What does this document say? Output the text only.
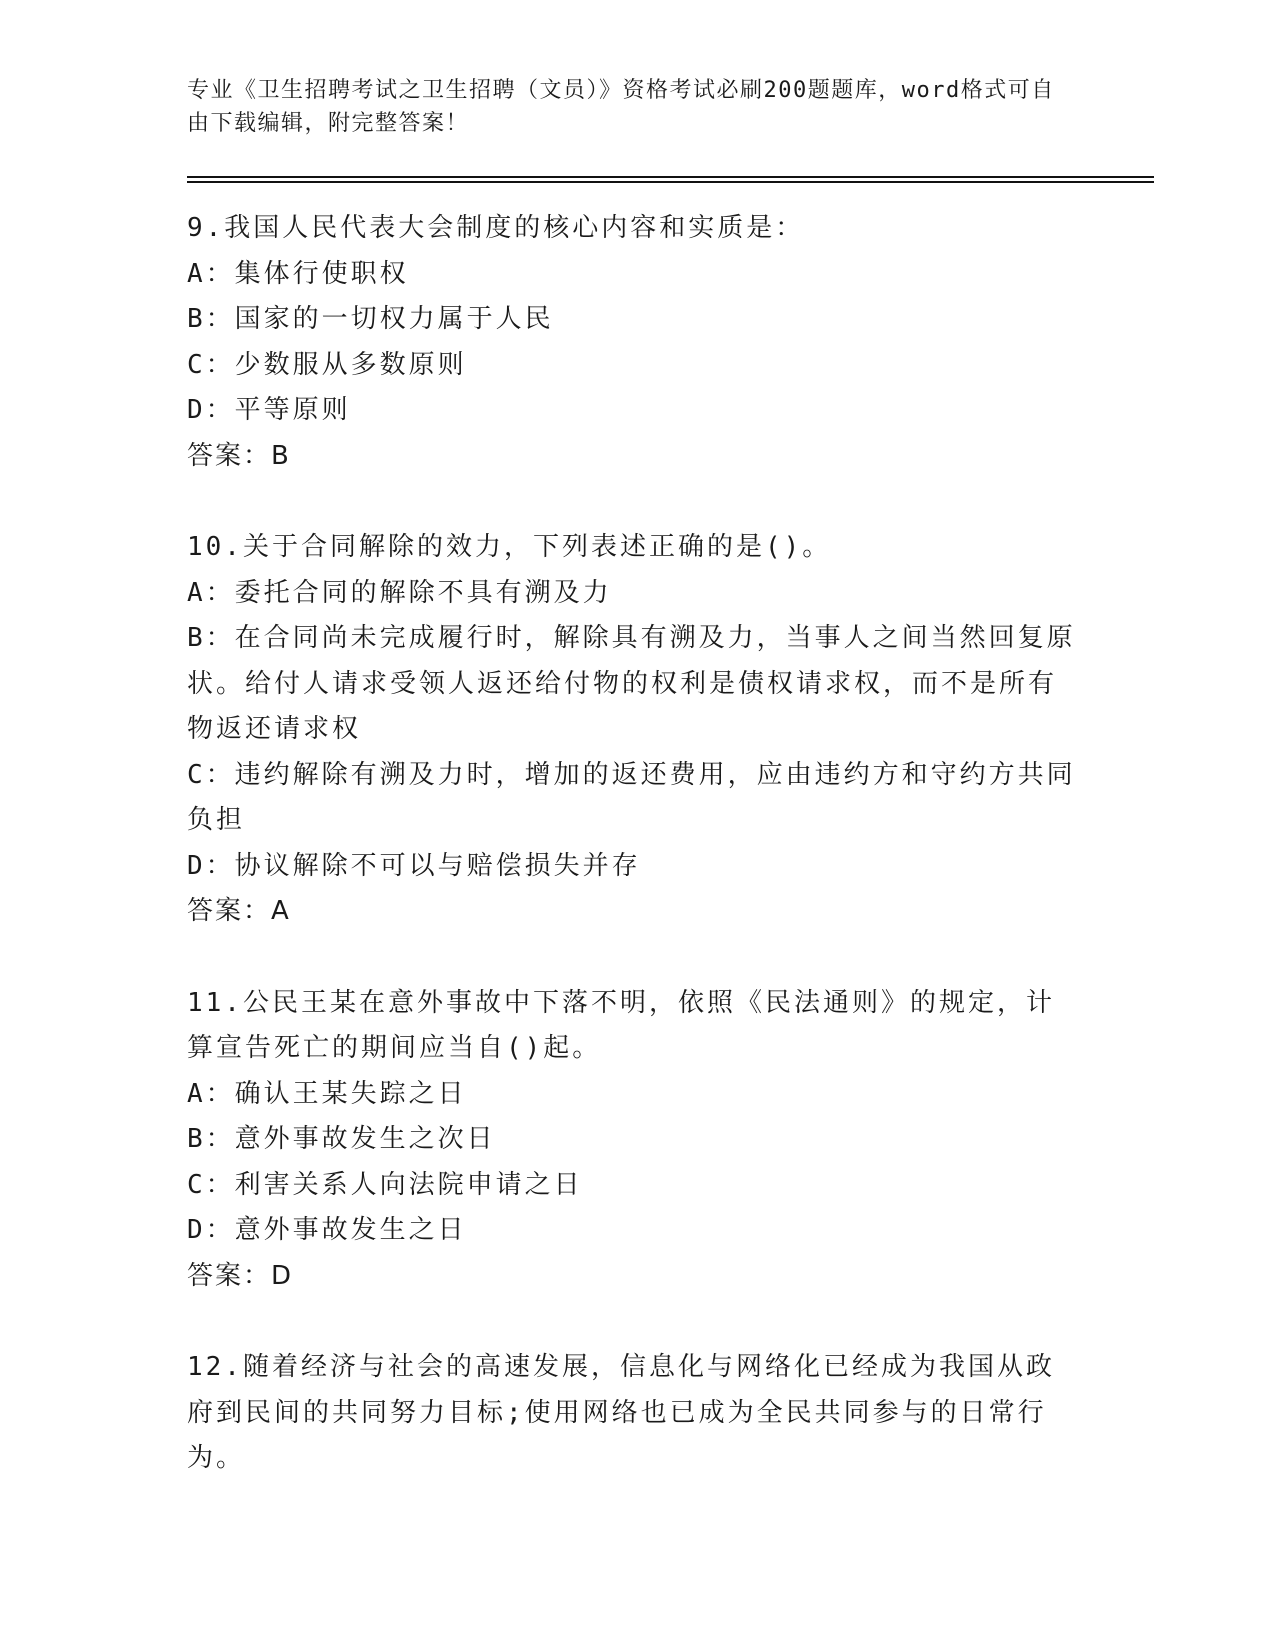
专业《卫生招聘考试之卫生招聘（文员）》资格考试必刷200题题库，word格式可自由下载编辑，附完整答案！
9.我国人民代表大会制度的核心内容和实质是：
A：集体行使职权
B：国家的一切权力属于人民
C：少数服从多数原则
D：平等原则
答案：B
10.关于合同解除的效力，下列表述正确的是()。
A：委托合同的解除不具有溯及力
B：在合同尚未完成履行时，解除具有溯及力，当事人之间当然回复原状。给付人请求受领人返还给付物的权利是债权请求权，而不是所有物返还请求权
C：违约解除有溯及力时，增加的返还费用，应由违约方和守约方共同负担
D：协议解除不可以与赔偿损失并存
答案：A
11.公民王某在意外事故中下落不明，依照《民法通则》的规定，计算宣告死亡的期间应当自()起。
A：确认王某失踪之日
B：意外事故发生之次日
C：利害关系人向法院申请之日
D：意外事故发生之日
答案：D
12.随着经济与社会的高速发展，信息化与网络化已经成为我国从政府到民间的共同努力目标;使用网络也已成为全民共同参与的日常行为。
